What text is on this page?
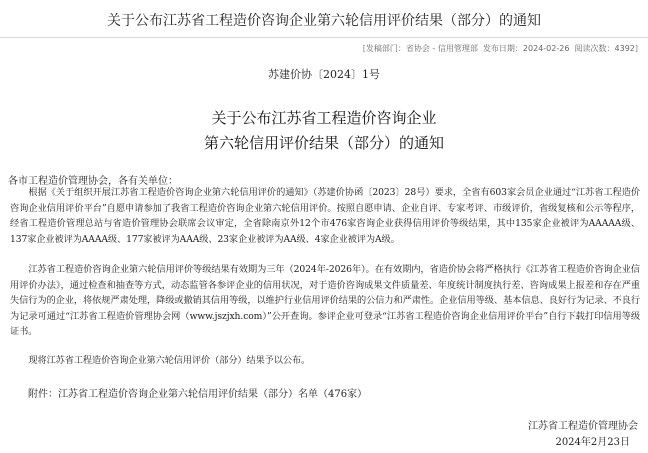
关于公布江苏省工程造价咨询企业第六轮信用评价结果（部分）的通知
[发稿部门：省协会 - 信用管理部 发布日期：2024-02-26 阅读次数：4392]
苏建价协〔2024〕1号
关于公布江苏省工程造价咨询企业
第六轮信用评价结果（部分）的通知
各市工程造价管理协会，各有关单位：

根据《关于组织开展江苏省工程造价咨询企业第六轮信用评价的通知》（苏建价协函〔2023〕28号）要求，全省有603家会员企业通过“江苏省工程造价咨询企业信用评价平台”自愿申请参加了我省工程造价咨询企业第六轮信用评价。按照自愿申请、企业自评、专家考评、市级评价，省级复核和公示等程序，经省工程造价管理总站与省造价管理协会联席会议审定，全省除南京外12个市476家咨询企业获得信用评价等级结果，其中135家企业被评为AAAAA级、137家企业被评为AAAA级、177家被评为AAA级、23家企业被评为AA级、4家企业被评为A级。

江苏省工程造价咨询企业第六轮信用评价等级结果有效期为三年（2024年-2026年）。在有效期内，省造价协会将严格执行《江苏省工程造价咨询企业信用评价办法》，通过检查和抽查等方式，动态监管各参评企业的信用状况，对于造价咨询成果文件质量差、年度统计制度执行差、咨询成果上报差和存在严重失信行为的企业，将依规严肃处理，降级或撤销其信用等级，以维护行业信用评价结果的公信力和严肃性。企业信用等级、基本信息、良好行为记录、不良行为记录可通过“江苏省工程造价管理协会网（www.jszjxh.com）”公开查询。参评企业可登录“江苏省工程造价咨询企业信用评价平台”自行下载打印信用等级证书。

现将江苏省工程造价咨询企业第六轮信用评价（部分）结果予以公布。

附件：江苏省工程造价咨询企业第六轮信用评价结果（部分）名单（476家）
江苏省工程造价管理协会
2024年2月23日
